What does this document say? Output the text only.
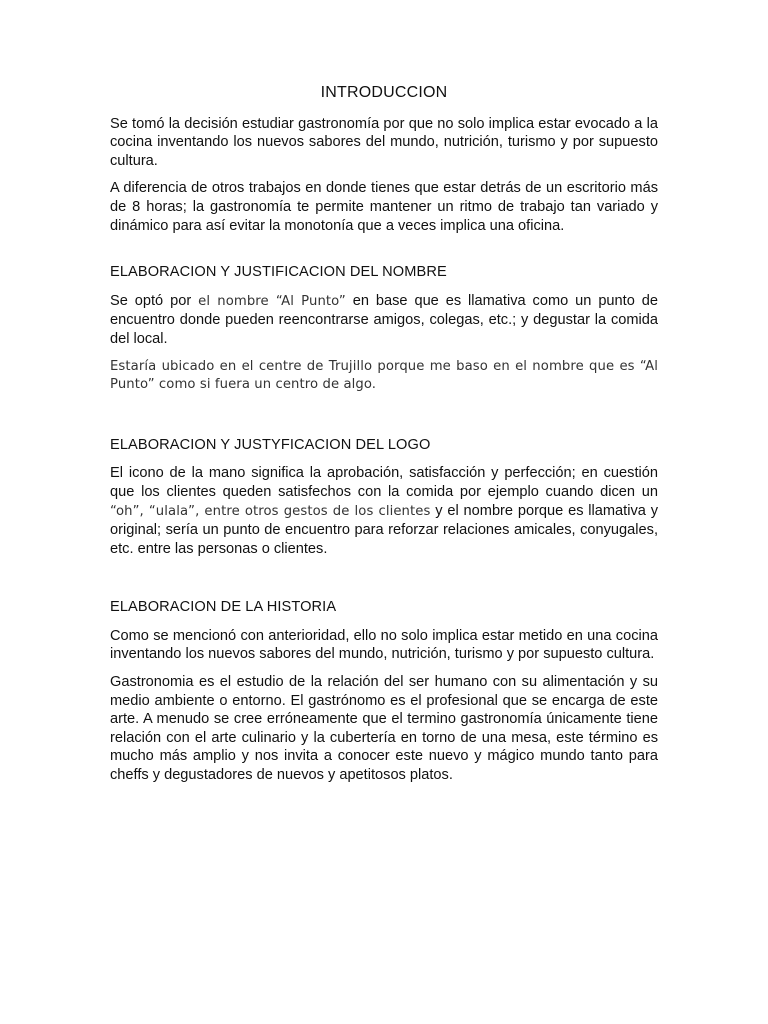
INTRODUCCION

Se tomó la decisión estudiar gastronomía por que no solo implica estar evocado a la cocina inventando los nuevos sabores del mundo, nutrición, turismo y por supuesto cultura.

A diferencia de otros trabajos en donde tienes que estar detrás de un escritorio más de 8 horas; la gastronomía te permite mantener un ritmo de trabajo tan variado y dinámico para así evitar la monotonía que a veces implica una oficina.

ELABORACION Y JUSTIFICACION DEL NOMBRE

Se optó por el nombre “Al Punto” en base que es llamativa como un punto de encuentro donde pueden reencontrarse amigos, colegas, etc.; y degustar la comida del local.

Estaría ubicado en el centre de Trujillo porque me baso en el nombre que es “Al Punto” como si fuera un centro de algo.

ELABORACION Y JUSTYFICACION DEL LOGO

El icono de la mano significa la aprobación, satisfacción y perfección; en cuestión que los clientes queden satisfechos con la comida por ejemplo cuando dicen un “oh”, “ulala”, entre otros gestos de los clientes y el nombre porque es llamativa y original; sería un punto de encuentro para reforzar relaciones amicales, conyugales, etc. entre las personas o clientes.

ELABORACION DE LA HISTORIA

Como se mencionó con anterioridad, ello no solo implica estar metido en una cocina inventando los nuevos sabores del mundo, nutrición, turismo y por supuesto cultura.

Gastronomia es el estudio de la relación del ser humano con su alimentación y su medio ambiente o entorno. El gastrónomo es el profesional que se encarga de este arte. A menudo se cree erróneamente que el termino gastronomía únicamente tiene relación con el arte culinario y la cubertería en torno de una mesa, este término es mucho más amplio y nos invita a conocer este nuevo y mágico mundo tanto para cheffs y degustadores de nuevos y apetitosos platos.
